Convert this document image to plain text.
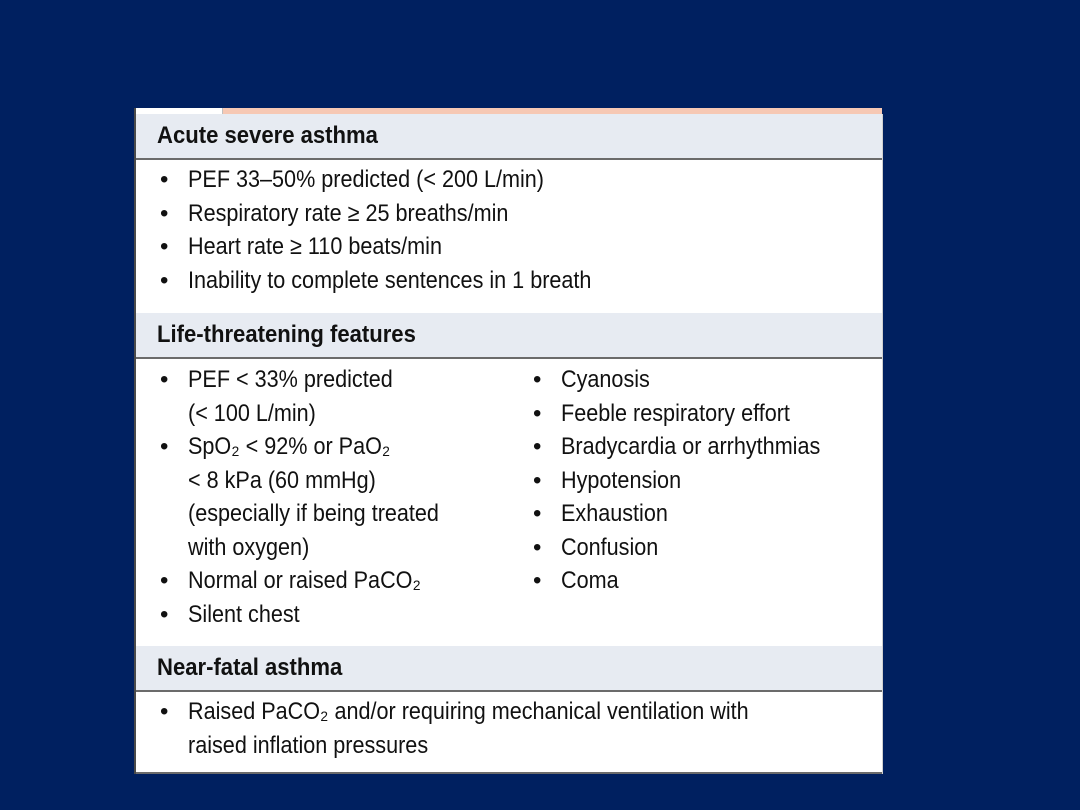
Acute severe asthma
• PEF 33–50% predicted (< 200 L/min)
• Respiratory rate ≥ 25 breaths/min
• Heart rate ≥ 110 beats/min
• Inability to complete sentences in 1 breath
Life-threatening features
• PEF < 33% predicted
(< 100 L/min)
• SpO₂ < 92% or PaO₂
< 8 kPa (60 mmHg)
(especially if being treated
with oxygen)
• Normal or raised PaCO₂
• Silent chest
• Cyanosis
• Feeble respiratory effort
• Bradycardia or arrhythmias
• Hypotension
• Exhaustion
• Confusion
• Coma
Near-fatal asthma
• Raised PaCO₂ and/or requiring mechanical ventilation with
raised inflation pressures
